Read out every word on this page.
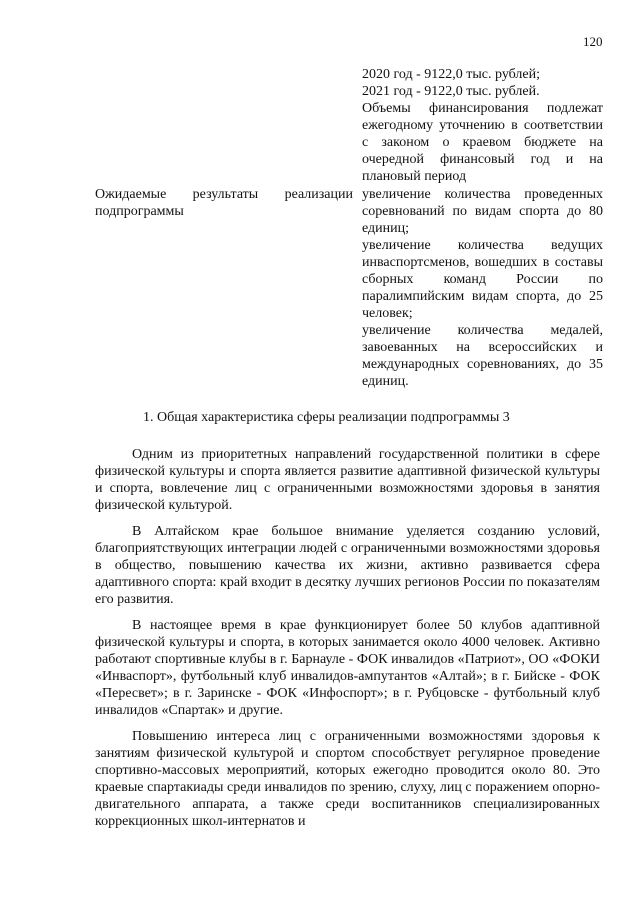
120

2020 год - 9122,0 тыс. рублей;

2021 год - 9122,0 тыс. рублей.

Объемы финансирования подлежат ежегодному уточнению в соответствии с законом о краевом бюджете на очередной финансовый год и на плановый период

Ожидаемые результаты реализации подпрограммы

увеличение количества проведенных соревнований по видам спорта до 80 единиц;

увеличение количества ведущих инваспортсменов, вошедших в составы сборных команд России по паралимпийским видам спорта, до 25 человек;

увеличение количества медалей, завоеванных на всероссийских и международных соревнованиях, до 35 единиц.

1. Общая характеристика сферы реализации подпрограммы 3

Одним из приоритетных направлений государственной политики в сфере физической культуры и спорта является развитие адаптивной физической культуры и спорта, вовлечение лиц с ограниченными возможностями здоровья в занятия физической культурой.

В Алтайском крае большое внимание уделяется созданию условий, благоприятствующих интеграции людей с ограниченными возможностями здоровья в общество, повышению качества их жизни, активно развивается сфера адаптивного спорта: край входит в десятку лучших регионов России по показателям его развития.

В настоящее время в крае функционирует более 50 клубов адаптивной физической культуры и спорта, в которых занимается около 4000 человек. Активно работают спортивные клубы в г. Барнауле - ФОК инвалидов «Патриот», ОО «ФОКИ «Инваспорт», футбольный клуб инвалидов-ампутантов «Алтай»; в г. Бийске - ФОК «Пересвет»; в г. Заринске - ФОК «Инфоспорт»; в г. Рубцовске - футбольный клуб инвалидов «Спартак» и другие.

Повышению интереса лиц с ограниченными возможностями здоровья к занятиям физической культурой и спортом способствует регулярное проведение спортивно-массовых мероприятий, которых ежегодно проводится около 80. Это краевые спартакиады среди инвалидов по зрению, слуху, лиц с поражением опорно-двигательного аппарата, а также среди воспитанников специализированных коррекционных школ-интернатов и
